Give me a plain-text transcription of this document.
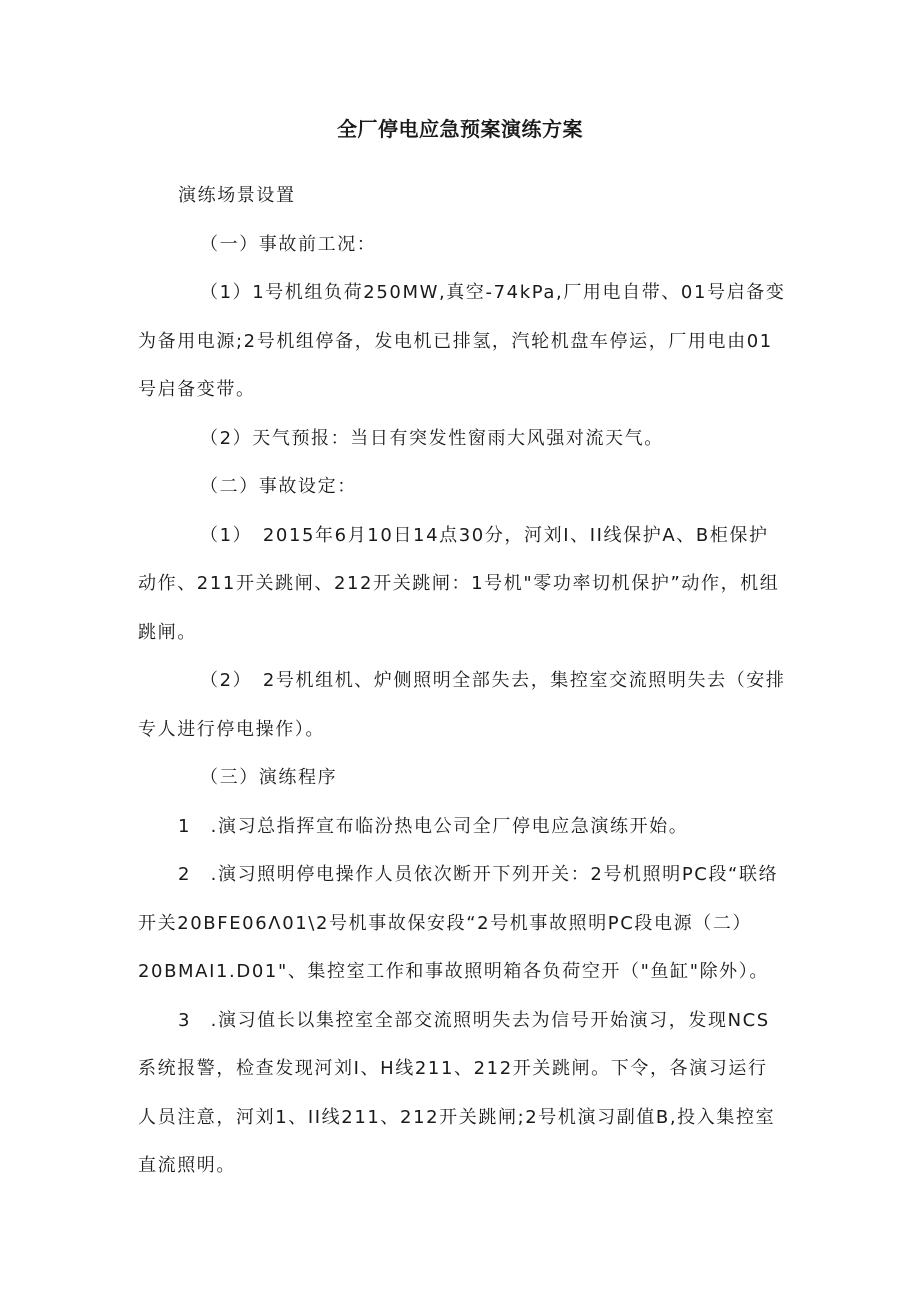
全厂停电应急预案演练方案

演练场景设置

（一）事故前工况：

（1）1号机组负荷250MW,真空-74kPa,厂用电自带、01号启备变为备用电源;2号机组停备，发电机已排氢，汽轮机盘车停运，厂用电由01号启备变带。

（2）天气预报：当日有突发性窗雨大风强对流天气。

（二）事故设定：

（1）　2015年6月10日14点30分，河刘I、II线保护A、B柜保护动作、211开关跳闸、212开关跳闸：1号机"零功率切机保护”动作，机组跳闸。

（2）　2号机组机、炉侧照明全部失去，集控室交流照明失去（安排专人进行停电操作）。

（三）演练程序

1　.演习总指挥宣布临汾热电公司全厂停电应急演练开始。

2　.演习照明停电操作人员依次断开下列开关：2号机照明PC段“联络开关20BFE06Λ01\2号机事故保安段“2号机事故照明PC段电源（二）20BMAI1.D01"、集控室工作和事故照明箱各负荷空开（"鱼缸"除外）。

3　.演习值长以集控室全部交流照明失去为信号开始演习，发现NCS系统报警，检查发现河刘I、H线211、212开关跳闸。下令，各演习运行人员注意，河刘1、II线211、212开关跳闸;2号机演习副值B,投入集控室直流照明。
